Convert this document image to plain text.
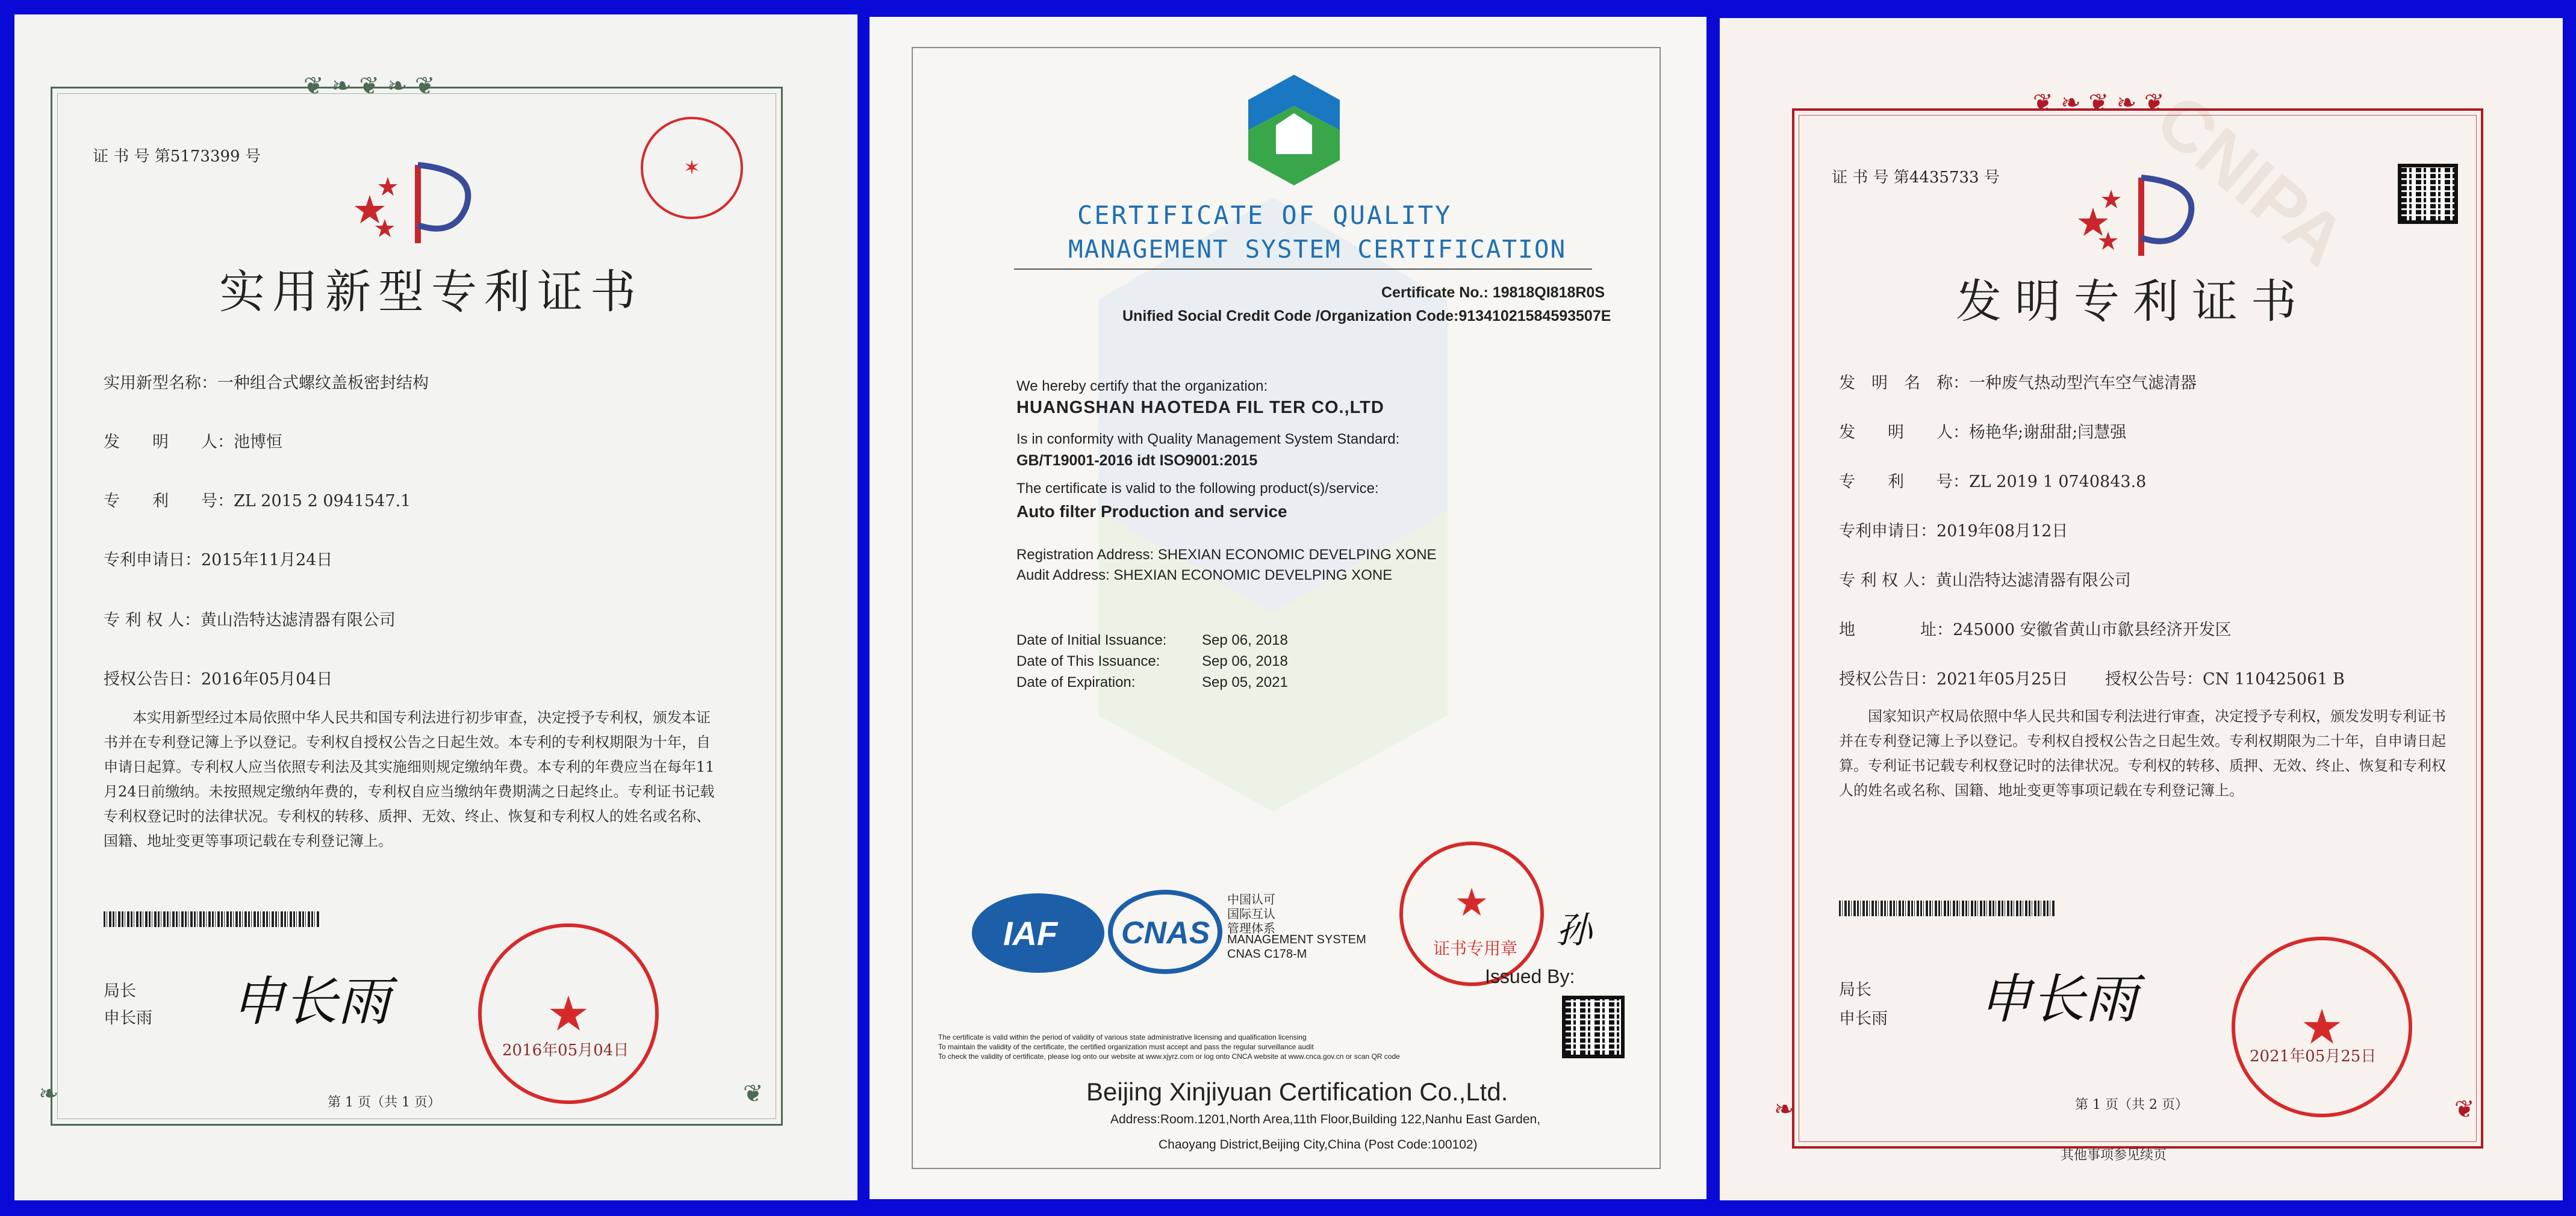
❦ ❧ ❦ ❧ ❦
证 书 号 第5173399 号
实用新型专利证书
✶
实用新型名称：一种组合式螺纹盖板密封结构
发　　明　　人：池博恒
专　　利　　号：ZL 2015 2 0941547.1
专利申请日：2015年11月24日
专 利 权 人：黄山浩特达滤清器有限公司
授权公告日：2016年05月04日
本实用新型经过本局依照中华人民共和国专利法进行初步审查，决定授予专利权，颁发本证书并在专利登记簿上予以登记。专利权自授权公告之日起生效。本专利的专利权期限为十年，自申请日起算。专利权人应当依照专利法及其实施细则规定缴纳年费。本专利的年费应当在每年11月24日前缴纳。未按照规定缴纳年费的，专利权自应当缴纳年费期满之日起终止。专利证书记载专利权登记时的法律状况。专利权的转移、质押、无效、终止、恢复和专利权人的姓名或名称、国籍、地址变更等事项记载在专利登记簿上。
局长
申长雨 申长雨	★
2016年05月04日
第 1 页（共 1 页）
❧	❦
CERTIFICATE OF QUALITY
MANAGEMENT SYSTEM CERTIFICATION
Certificate No.: 19818QI818R0S
Unified Social Credit Code /Organization Code:91341021584593507E
We hereby certify that the organization:
HUANGSHAN HAOTEDA FIL TER CO.,LTD
Is in conformity with Quality Management System Standard:
GB/T19001-2016 idt ISO9001:2015
The certificate is valid to the following product(s)/service:
Auto filter Production and service
Registration Address: SHEXIAN ECONOMIC DEVELPING XONE
Audit Address: SHEXIAN ECONOMIC DEVELPING XONE
Date of Initial Issuance: Sep 06, 2018
Date of This Issuance:	Sep 06, 2018
Date of Expiration:	Sep 05, 2021
IAF CNAS
中国认可
国际互认
管理体系
MANAGEMENT SYSTEM
CNAS C178-M
★
证书专用章 孙
Issued By:
The certificate is valid within the period of validity of various state administrative licensing and qualification licensing
To maintain the validity of the certificate, the certified organization must accept and pass the regular surveillance audit
To check the validity of certificate, please log onto our website at www.xjyrz.com or log onto CNCA website at www.cnca.gov.cn or scan QR code
Beijing Xinjiyuan Certification Co.,Ltd.
Address:Room.1201,North Area,11th Floor,Building 122,Nanhu East Garden,
Chaoyang District,Beijing City,China (Post Code:100102)
CNIPA
❦ ❧ ❦ ❧ ❦
证 书 号 第4435733 号
发明专利证书
发　明　名　称：一种废气热动型汽车空气滤清器
发　　明　　人：杨艳华;谢甜甜;闫慧强
专　　利　　号：ZL 2019 1 0740843.8
专利申请日：2019年08月12日
专 利 权 人：黄山浩特达滤清器有限公司
地　　　　址：245000 安徽省黄山市歙县经济开发区
授权公告日：2021年05月25日 授权公告号：CN 110425061 B
国家知识产权局依照中华人民共和国专利法进行审查，决定授予专利权，颁发发明专利证书并在专利登记簿上予以登记。专利权自授权公告之日起生效。专利权期限为二十年，自申请日起算。专利证书记载专利权登记时的法律状况。专利权的转移、质押、无效、终止、恢复和专利权人的姓名或名称、国籍、地址变更等事项记载在专利登记簿上。
局长
申长雨 申长雨	★
2021年05月25日
第 1 页（共 2 页）
其他事项参见续页
❧	❦
